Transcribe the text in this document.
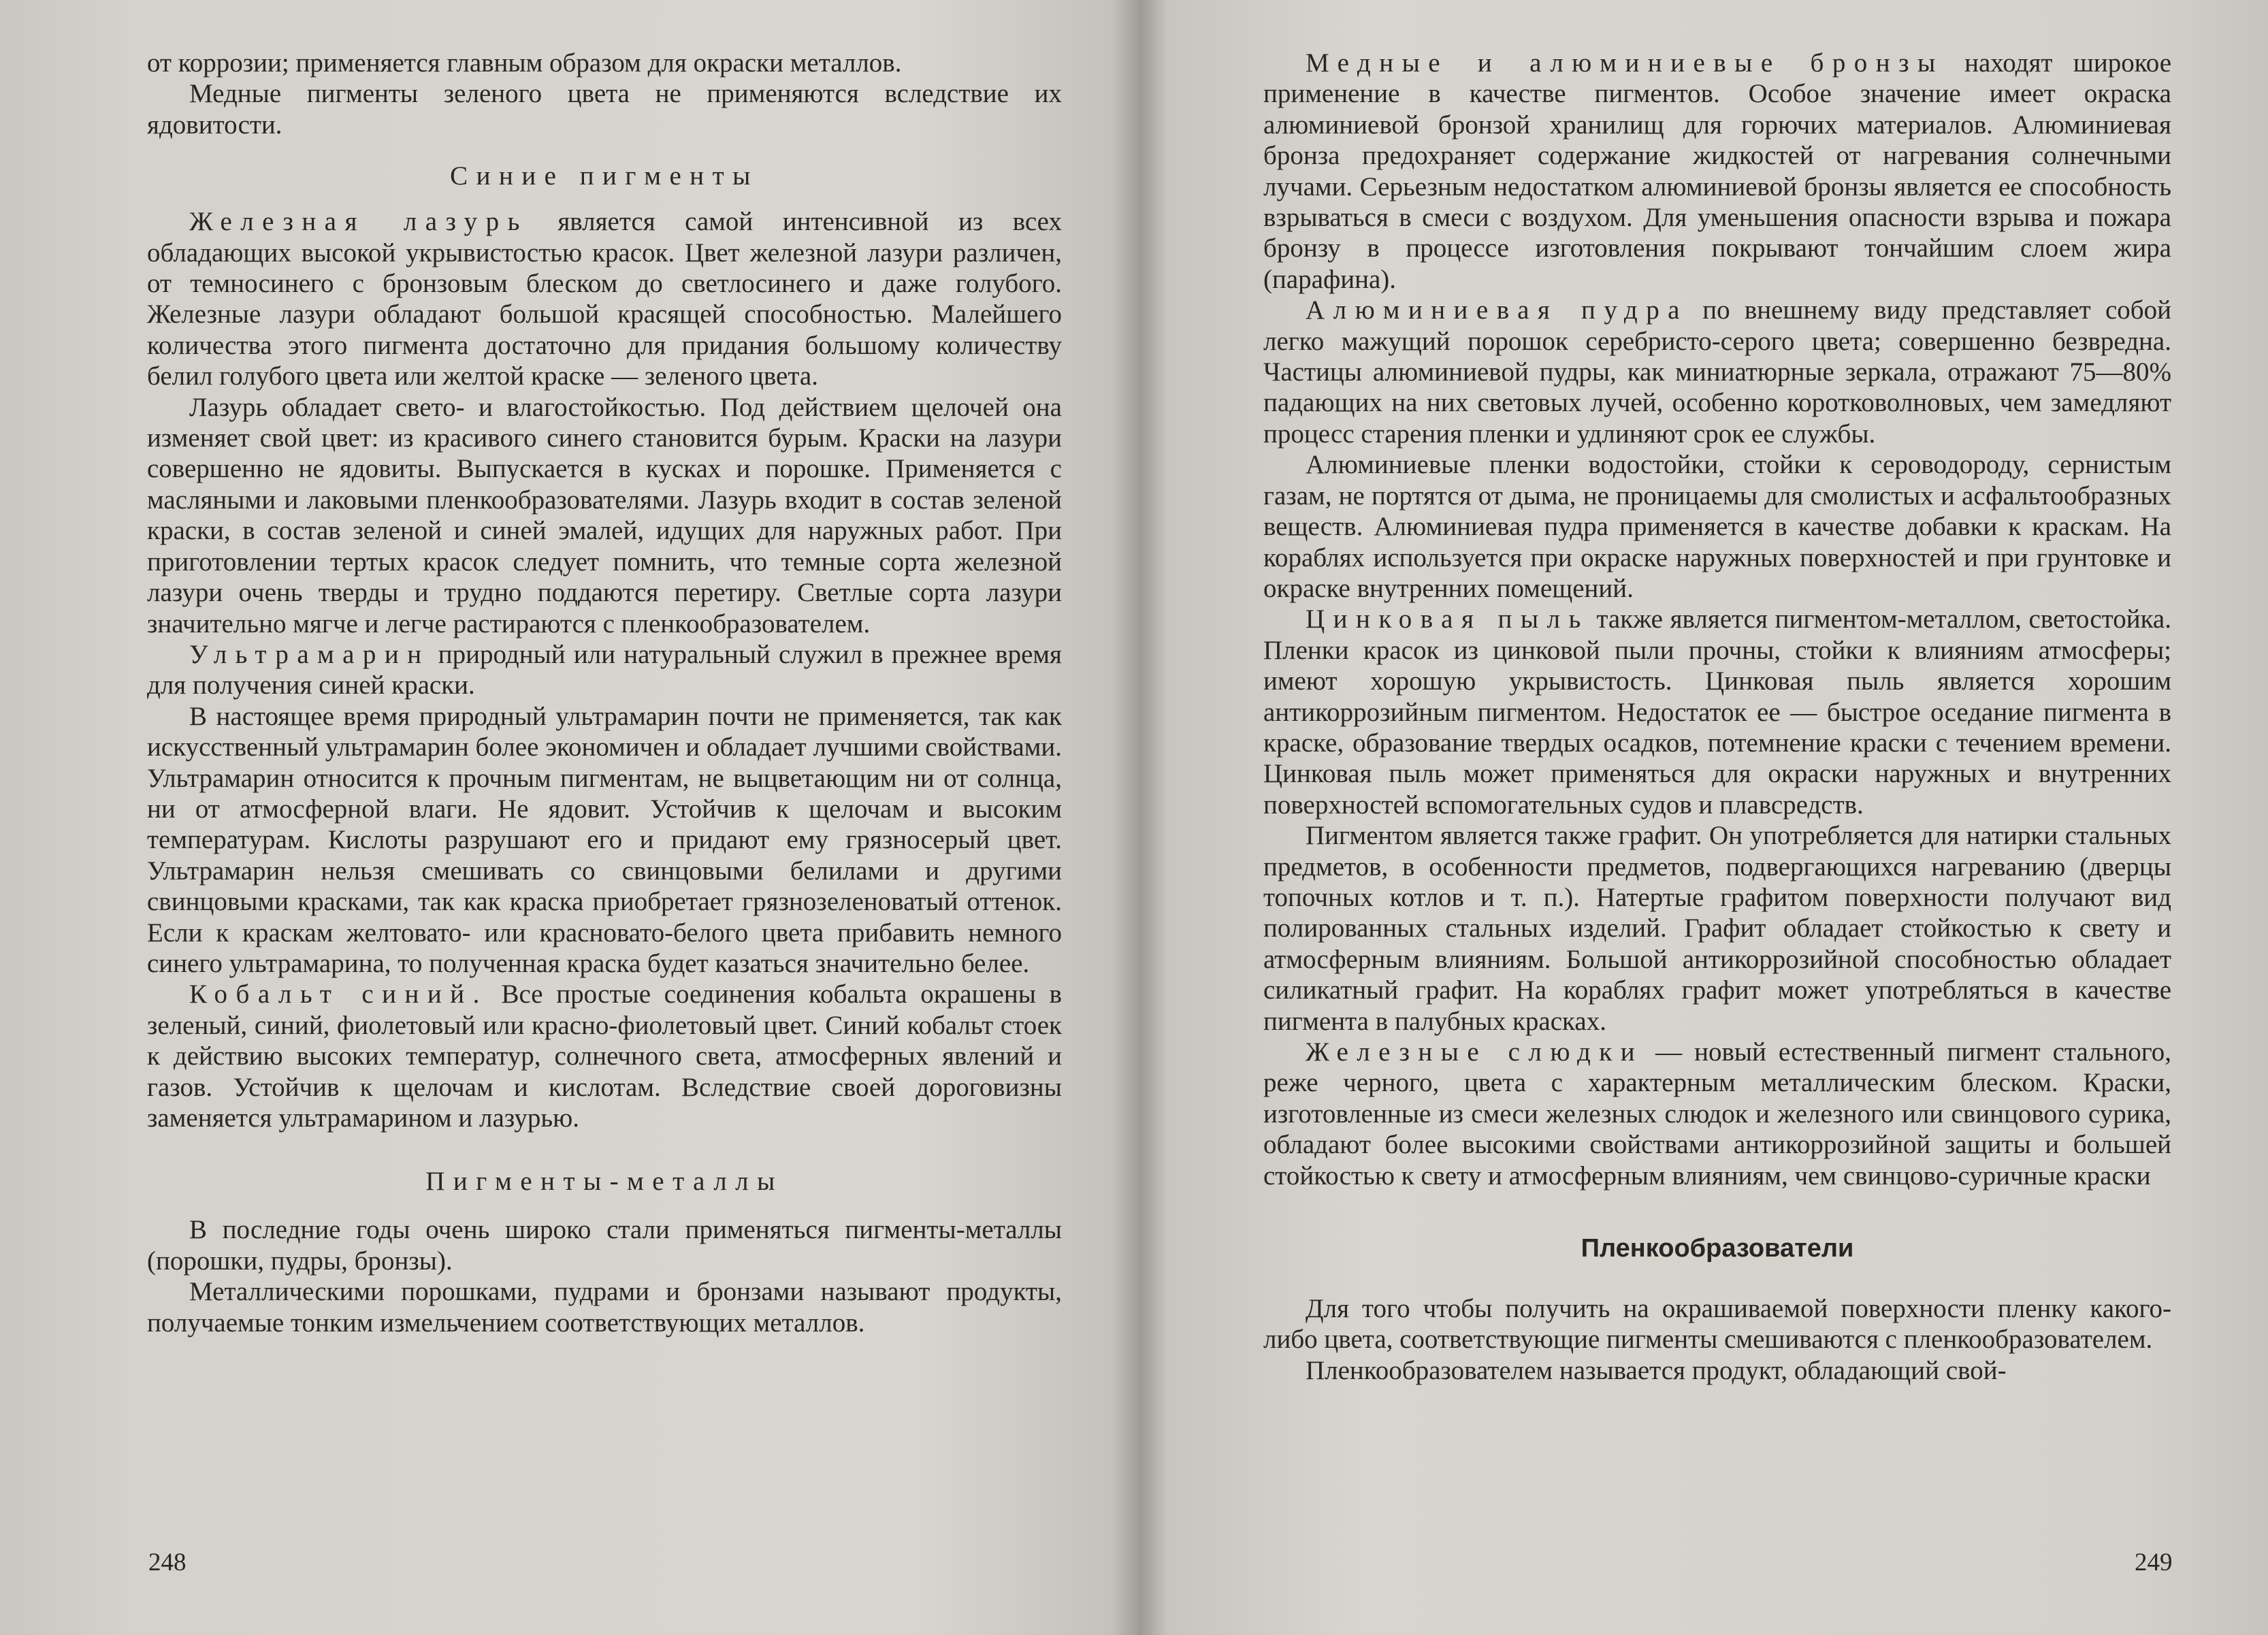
от коррозии; применяется главным образом для окраски металлов.

Медные пигменты зеленого цвета не применяются вследствие их ядовитости.

Синие пигменты

Железная лазурь является самой интенсивной из всех обладающих высокой укрывистостью красок. Цвет железной лазури различен, от темносинего с бронзовым блеском до светлосинего и даже голубого. Железные лазури обладают большой красящей способностью. Малейшего количества этого пигмента достаточно для придания большому количеству белил голубого цвета или желтой краске — зеленого цвета.

Лазурь обладает свето- и влагостойкостью. Под действием щелочей она изменяет свой цвет: из красивого синего становится бурым. Краски на лазури совершенно не ядовиты. Выпускается в кусках и порошке. Применяется с масляными и лаковыми пленкообразователями. Лазурь входит в состав зеленой краски, в состав зеленой и синей эмалей, идущих для наружных работ. При приготовлении тертых красок следует помнить, что темные сорта железной лазури очень тверды и трудно поддаются перетиру. Светлые сорта лазури значительно мягче и легче растираются с пленкообразователем.

Ультрамарин природный или натуральный служил в прежнее время для получения синей краски.

В настоящее время природный ультрамарин почти не применяется, так как искусственный ультрамарин более экономичен и обладает лучшими свойствами. Ультрамарин относится к прочным пигментам, не выцветающим ни от солнца, ни от атмосферной влаги. Не ядовит. Устойчив к щелочам и высоким температурам. Кислоты разрушают его и придают ему грязносерый цвет. Ультрамарин нельзя смешивать со свинцовыми белилами и другими свинцовыми красками, так как краска приобретает грязнозеленоватый оттенок. Если к краскам желтовато- или красновато-белого цвета прибавить немного синего ультрамарина, то полученная краска будет казаться значительно белее.

Кобальт синий. Все простые соединения кобальта окрашены в зеленый, синий, фиолетовый или красно-фиолетовый цвет. Синий кобальт стоек к действию высоких температур, солнечного света, атмосферных явлений и газов. Устойчив к щелочам и кислотам. Вследствие своей дороговизны заменяется ультрамарином и лазурью.

Пигменты-металлы

В последние годы очень широко стали применяться пигменты-металлы (порошки, пудры, бронзы).

Металлическими порошками, пудрами и бронзами называют продукты, получаемые тонким измельчением соответствующих металлов.

248

Медные и алюминиевые бронзы находят широкое применение в качестве пигментов. Особое значение имеет окраска алюминиевой бронзой хранилищ для горючих материалов. Алюминиевая бронза предохраняет содержание жидкостей от нагревания солнечными лучами. Серьезным недостатком алюминиевой бронзы является ее способность взрываться в смеси с воздухом. Для уменьшения опасности взрыва и пожара бронзу в процессе изготовления покрывают тончайшим слоем жира (парафина).

Алюминиевая пудра по внешнему виду представляет собой легко мажущий порошок серебристо-серого цвета; совершенно безвредна. Частицы алюминиевой пудры, как миниатюрные зеркала, отражают 75—80% падающих на них световых лучей, особенно коротковолновых, чем замедляют процесс старения пленки и удлиняют срок ее службы.

Алюминиевые пленки водостойки, стойки к сероводороду, сернистым газам, не портятся от дыма, не проницаемы для смолистых и асфальтообразных веществ. Алюминиевая пудра применяется в качестве добавки к краскам. На кораблях используется при окраске наружных поверхностей и при грунтовке и окраске внутренних помещений.

Цинковая пыль также является пигментом-металлом, светостойка. Пленки красок из цинковой пыли прочны, стойки к влияниям атмосферы; имеют хорошую укрывистость. Цинковая пыль является хорошим антикоррозийным пигментом. Недостаток ее — быстрое оседание пигмента в краске, образование твердых осадков, потемнение краски с течением времени. Цинковая пыль может применяться для окраски наружных и внутренних поверхностей вспомогательных судов и плавсредств.

Пигментом является также графит. Он употребляется для натирки стальных предметов, в особенности предметов, подвергающихся нагреванию (дверцы топочных котлов и т. п.). Натертые графитом поверхности получают вид полированных стальных изделий. Графит обладает стойкостью к свету и атмосферным влияниям. Большой антикоррозийной способностью обладает силикатный графит. На кораблях графит может употребляться в качестве пигмента в палубных красках.

Железные слюдки — новый естественный пигмент стального, реже черного, цвета с характерным металлическим блеском. Краски, изготовленные из смеси железных слюдок и железного или свинцового сурика, обладают более высокими свойствами антикоррозийной защиты и большей стойкостью к свету и атмосферным влияниям, чем свинцово-суричные краски

Пленкообразователи

Для того чтобы получить на окрашиваемой поверхности пленку какого-либо цвета, соответствующие пигменты смешиваются с пленкообразователем.

Пленкообразователем называется продукт, обладающий свой-

249
